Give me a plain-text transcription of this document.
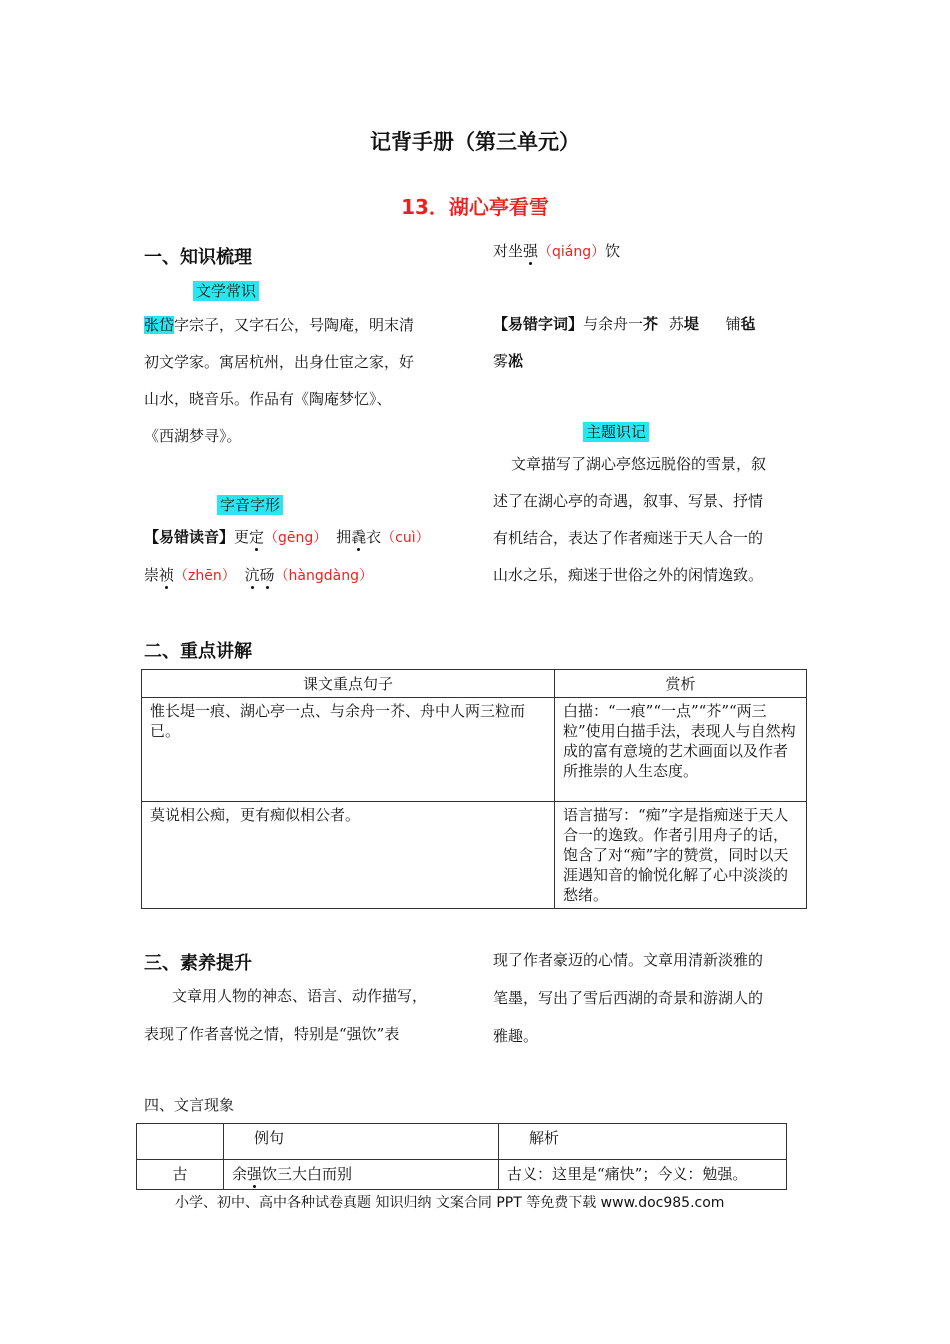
记背手册（第三单元）
13．湖心亭看雪
一、知识梳理
文学常识
张岱字宗子，又字石公，号陶庵，明末清
初文学家。寓居杭州，出身仕宦之家，好
山水，晓音乐。作品有《陶庵梦忆》、
《西湖梦寻》。
字音字形
【易错读音】更定（gēng） 拥毳衣（cuì）
崇祯（zhēn） 沆砀（hàngdàng）
对坐强（qiáng）饮
【易错字词】与余舟一芥 苏堤 铺毡
雾凇
主题识记
文章描写了湖心亭悠远脱俗的雪景，叙
述了在湖心亭的奇遇，叙事、写景、抒情
有机结合，表达了作者痴迷于天人合一的
山水之乐，痴迷于世俗之外的闲情逸致。
二、重点讲解
课文重点句子	赏析
惟长堤一痕、湖心亭一点、与余舟一芥、舟中人两三粒而已。	白描：“一痕”“一点”“芥”“两三粒”使用白描手法，表现人与自然构成的富有意境的艺术画面以及作者所推崇的人生态度。
莫说相公痴，更有痴似相公者。	语言描写：“痴”字是指痴迷于天人合一的逸致。作者引用舟子的话，饱含了对“痴”字的赞赏，同时以天涯遇知音的愉悦化解了心中淡淡的愁绪。
三、素养提升
文章用人物的神态、语言、动作描写，
表现了作者喜悦之情，特别是“强饮”表
现了作者豪迈的心情。文章用清新淡雅的
笔墨，写出了雪后西湖的奇景和游湖人的
雅趣。
四、文言现象
	例句	解析
古	余强饮三大白而别	古义：这里是“痛快”；今义：勉强。
小学、初中、高中各种试卷真题 知识归纳 文案合同 PPT 等免费下载 www.doc985.com
